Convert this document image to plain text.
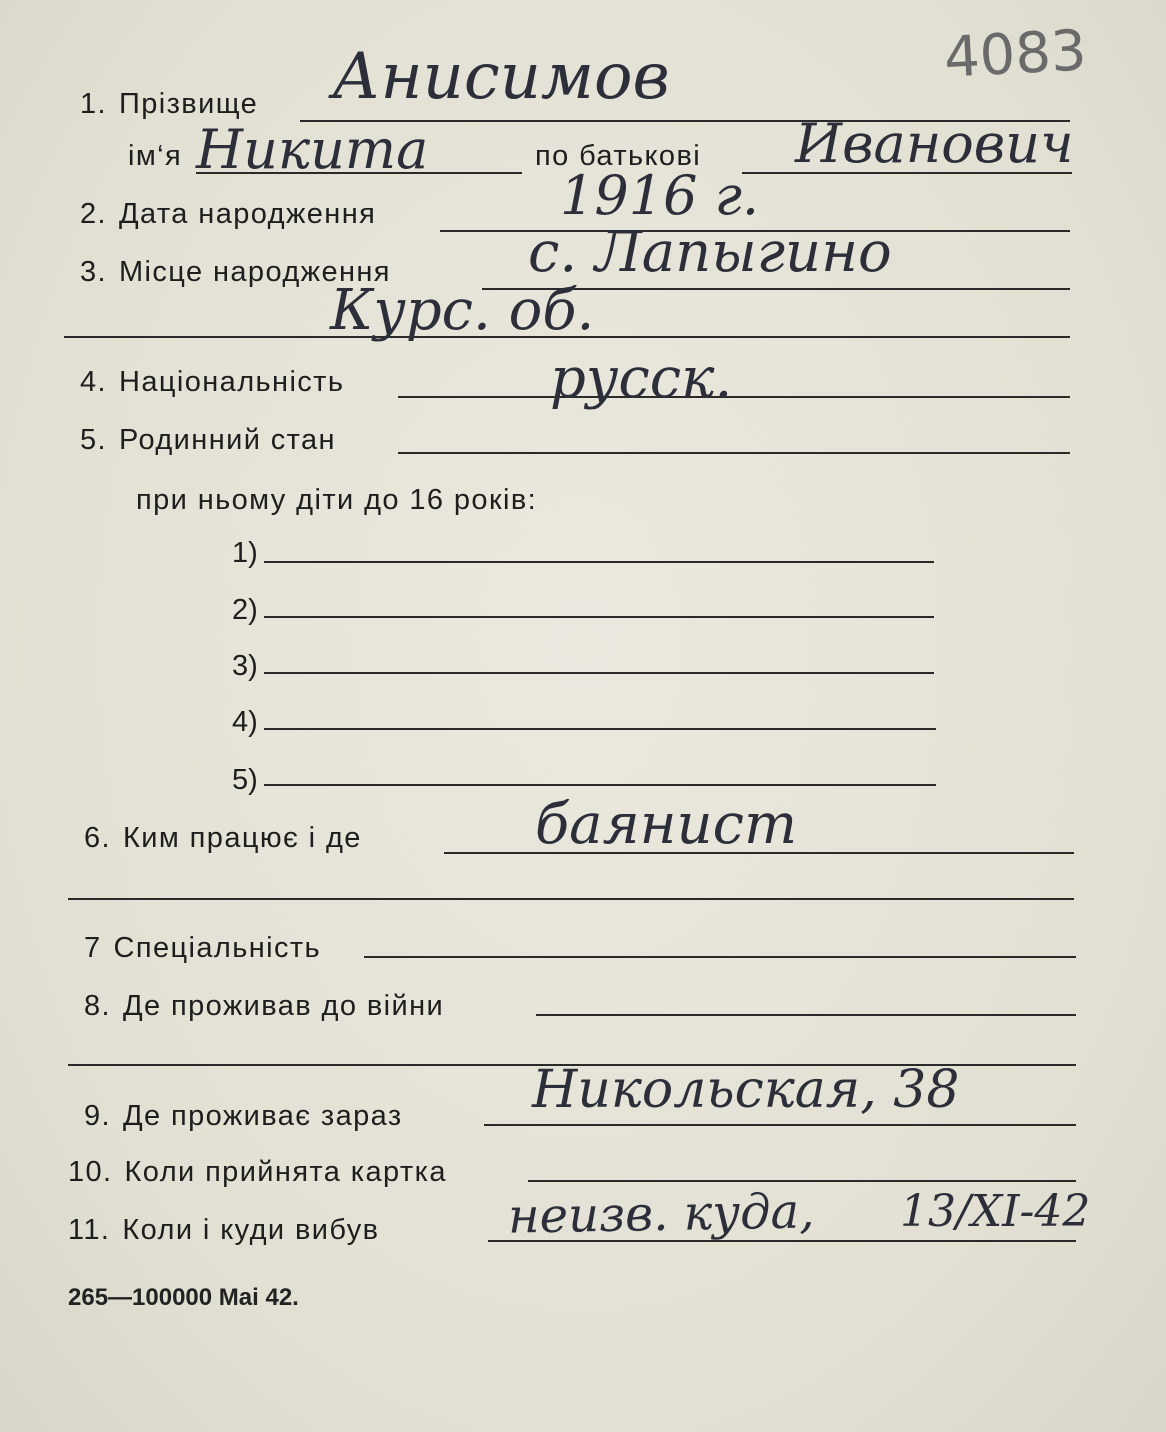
4083
1. Прізвище Анисимов
ім‘я Никита	по батькові Иванович
2. Дата народження	1916 г.
3. Місце народження с. Лапыгино
Курс. об.
4. Національність	русск.
5. Родинний стан
при ньому діти до 16 років:
1)
2)
3)
4)
5)
6. Ким працює і де	баянист
7 Спеціальність
8. Де проживав до війни
9. Де проживає зараз Никольская, 38
10. Коли прийнята картка
11. Коли і куди вибув	неизв. куда, 13/XI-42
265—100000 Mai 42.
